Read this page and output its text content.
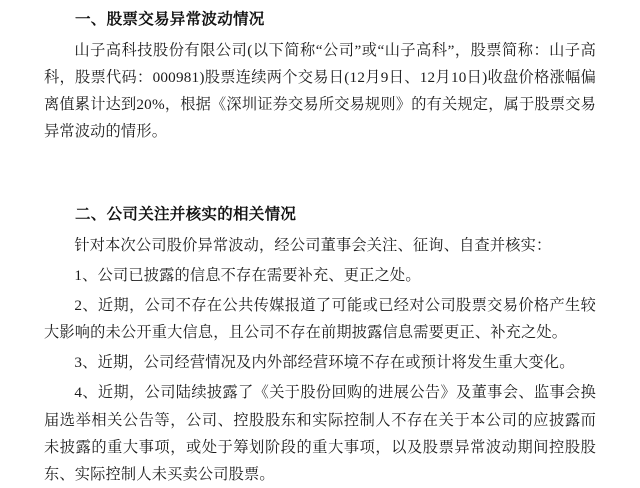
一、股票交易异常波动情况
山子高科技股份有限公司(以下简称“公司”或“山子高科”，股票简称：山子高科，股票代码：000981)股票连续两个交易日(12月9日、12月10日)收盘价格涨幅偏离值累计达到20%，根据《深圳证券交易所交易规则》的有关规定，属于股票交易异常波动的情形。
二、公司关注并核实的相关情况
针对本次公司股价异常波动，经公司董事会关注、征询、自查并核实：
1、公司已披露的信息不存在需要补充、更正之处。
2、近期，公司不存在公共传媒报道了可能或已经对公司股票交易价格产生较大影响的未公开重大信息，且公司不存在前期披露信息需要更正、补充之处。
3、近期，公司经营情况及内外部经营环境不存在或预计将发生重大变化。
4、近期，公司陆续披露了《关于股份回购的进展公告》及董事会、监事会换届选举相关公告等，公司、控股股东和实际控制人不存在关于本公司的应披露而未披露的重大事项，或处于筹划阶段的重大事项，以及股票异常波动期间控股股东、实际控制人未买卖公司股票。
